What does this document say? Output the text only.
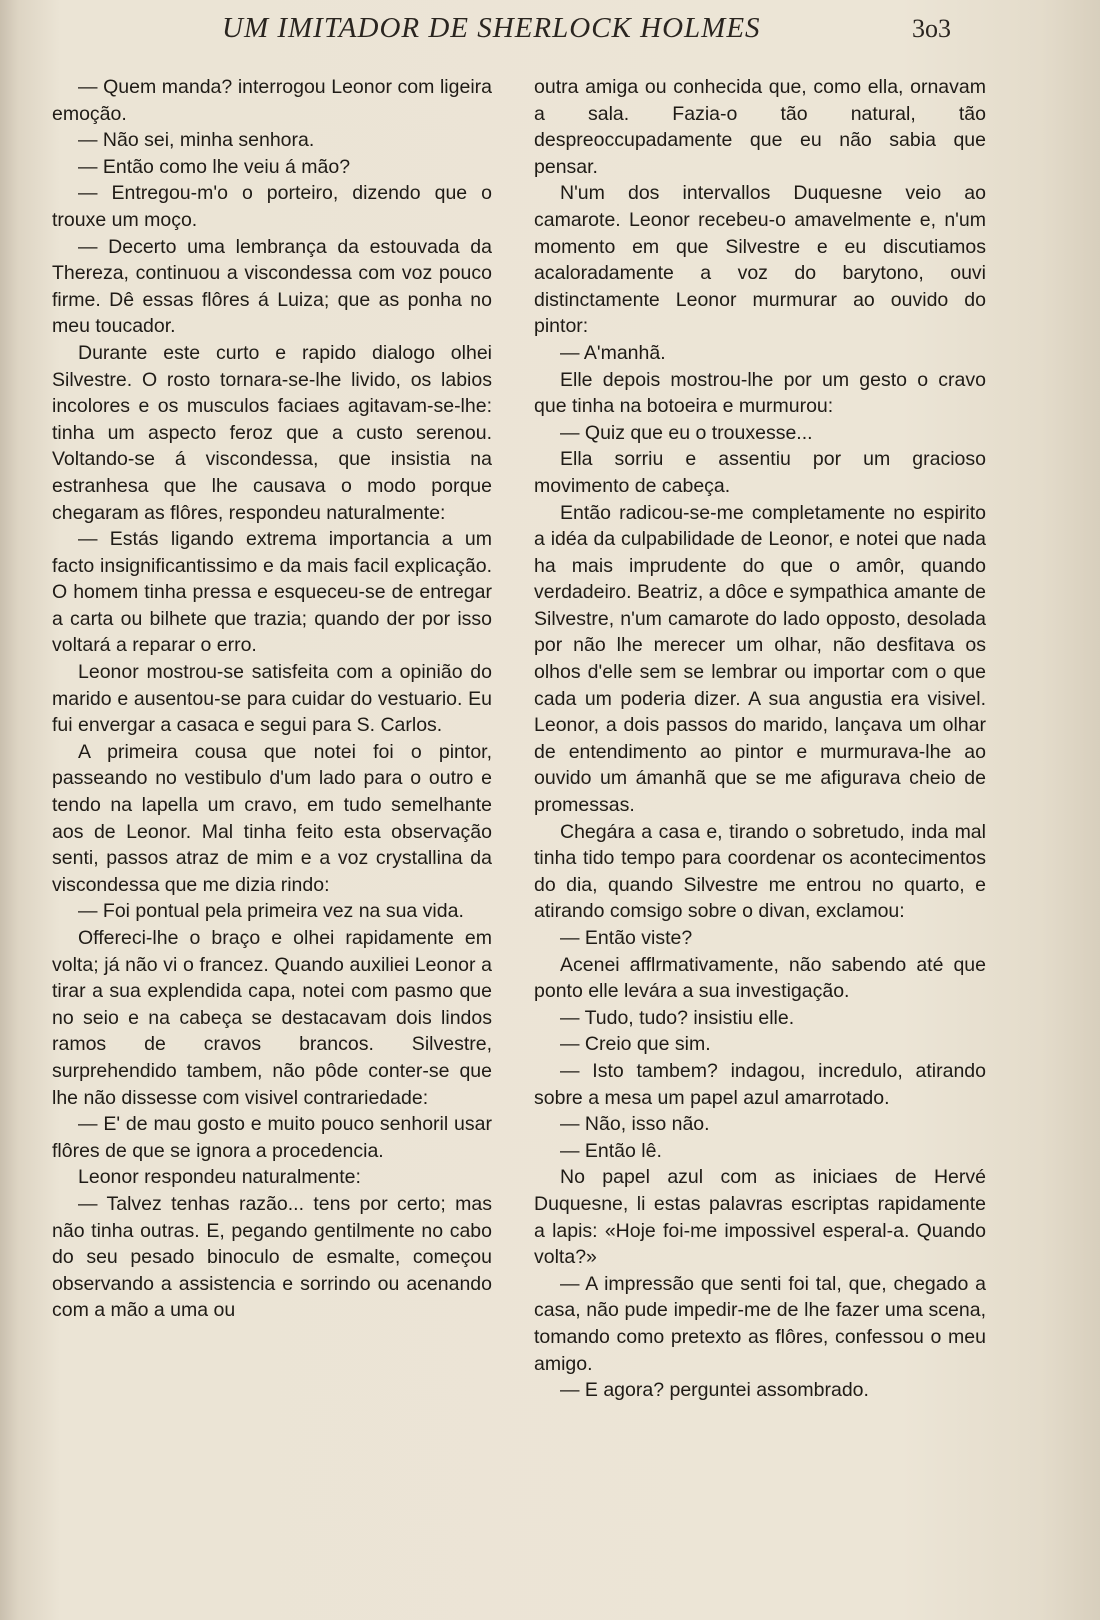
UM IMITADOR DE SHERLOCK HOLMES	3o3

— Quem manda? interrogou Leonor com ligeira emoção.

— Não sei, minha senhora.

— Então como lhe veiu á mão?

— Entregou-m'o o porteiro, dizendo que o trouxe um moço.

— Decerto uma lembrança da estouvada da Thereza, continuou a viscondessa com voz pouco firme. Dê essas flôres á Luiza; que as ponha no meu toucador.

Durante este curto e rapido dialogo olhei Silvestre. O rosto tornara-se-lhe livido, os labios incolores e os musculos faciaes agitavam-se-lhe: tinha um aspecto feroz que a custo serenou. Voltando-se á viscondessa, que insistia na estranhesa que lhe causava o modo porque chegaram as flôres, respondeu naturalmente:

— Estás ligando extrema importancia a um facto insignificantissimo e da mais facil explicação. O homem tinha pressa e esqueceu-se de entregar a carta ou bilhete que trazia; quando der por isso voltará a reparar o erro.

Leonor mostrou-se satisfeita com a opinião do marido e ausentou-se para cuidar do vestuario. Eu fui envergar a casaca e segui para S. Carlos.

A primeira cousa que notei foi o pintor, passeando no vestibulo d'um lado para o outro e tendo na lapella um cravo, em tudo semelhante aos de Leonor. Mal tinha feito esta observação senti, passos atraz de mim e a voz crystallina da viscondessa que me dizia rindo:

— Foi pontual pela primeira vez na sua vida.

Offereci-lhe o braço e olhei rapidamente em volta; já não vi o francez. Quando auxiliei Leonor a tirar a sua explendida capa, notei com pasmo que no seio e na cabeça se destacavam dois lindos ramos de cravos brancos. Silvestre, surprehendido tambem, não pôde conter-se que lhe não dissesse com visivel contrariedade:

— E' de mau gosto e muito pouco senhoril usar flôres de que se ignora a procedencia.

Leonor respondeu naturalmente:

— Talvez tenhas razão... tens por certo; mas não tinha outras. E, pegando gentilmente no cabo do seu pesado binoculo de esmalte, começou observando a assistencia e sorrindo ou acenando com a mão a uma ou

outra amiga ou conhecida que, como ella, ornavam a sala. Fazia-o tão natural, tão despreoccupadamente que eu não sabia que pensar.

N'um dos intervallos Duquesne veio ao camarote. Leonor recebeu-o amavelmente e, n'um momento em que Silvestre e eu discutiamos acaloradamente a voz do barytono, ouvi distinctamente Leonor murmurar ao ouvido do pintor:

— A'manhã.

Elle depois mostrou-lhe por um gesto o cravo que tinha na botoeira e murmurou:

— Quiz que eu o trouxesse...

Ella sorriu e assentiu por um gracioso movimento de cabeça.

Então radicou-se-me completamente no espirito a idéa da culpabilidade de Leonor, e notei que nada ha mais imprudente do que o amôr, quando verdadeiro. Beatriz, a dôce e sympathica amante de Silvestre, n'um camarote do lado opposto, desolada por não lhe merecer um olhar, não desfitava os olhos d'elle sem se lembrar ou importar com o que cada um poderia dizer. A sua angustia era visivel. Leonor, a dois passos do marido, lançava um olhar de entendimento ao pintor e murmurava-lhe ao ouvido um ámanhã que se me afigurava cheio de promessas.

Chegára a casa e, tirando o sobretudo, inda mal tinha tido tempo para coordenar os acontecimentos do dia, quando Silvestre me entrou no quarto, e atirando comsigo sobre o divan, exclamou:

— Então viste?

Acenei afflrmativamente, não sabendo até que ponto elle levára a sua investigação.

— Tudo, tudo? insistiu elle.

— Creio que sim.

— Isto tambem? indagou, incredulo, atirando sobre a mesa um papel azul amarrotado.

— Não, isso não.

— Então lê.

No papel azul com as iniciaes de Hervé Duquesne, li estas palavras escriptas rapidamente a lapis: «Hoje foi-me impossivel esperal-a. Quando volta?»

— A impressão que senti foi tal, que, chegado a casa, não pude impedir-me de lhe fazer uma scena, tomando como pretexto as flôres, confessou o meu amigo.

— E agora? perguntei assombrado.
